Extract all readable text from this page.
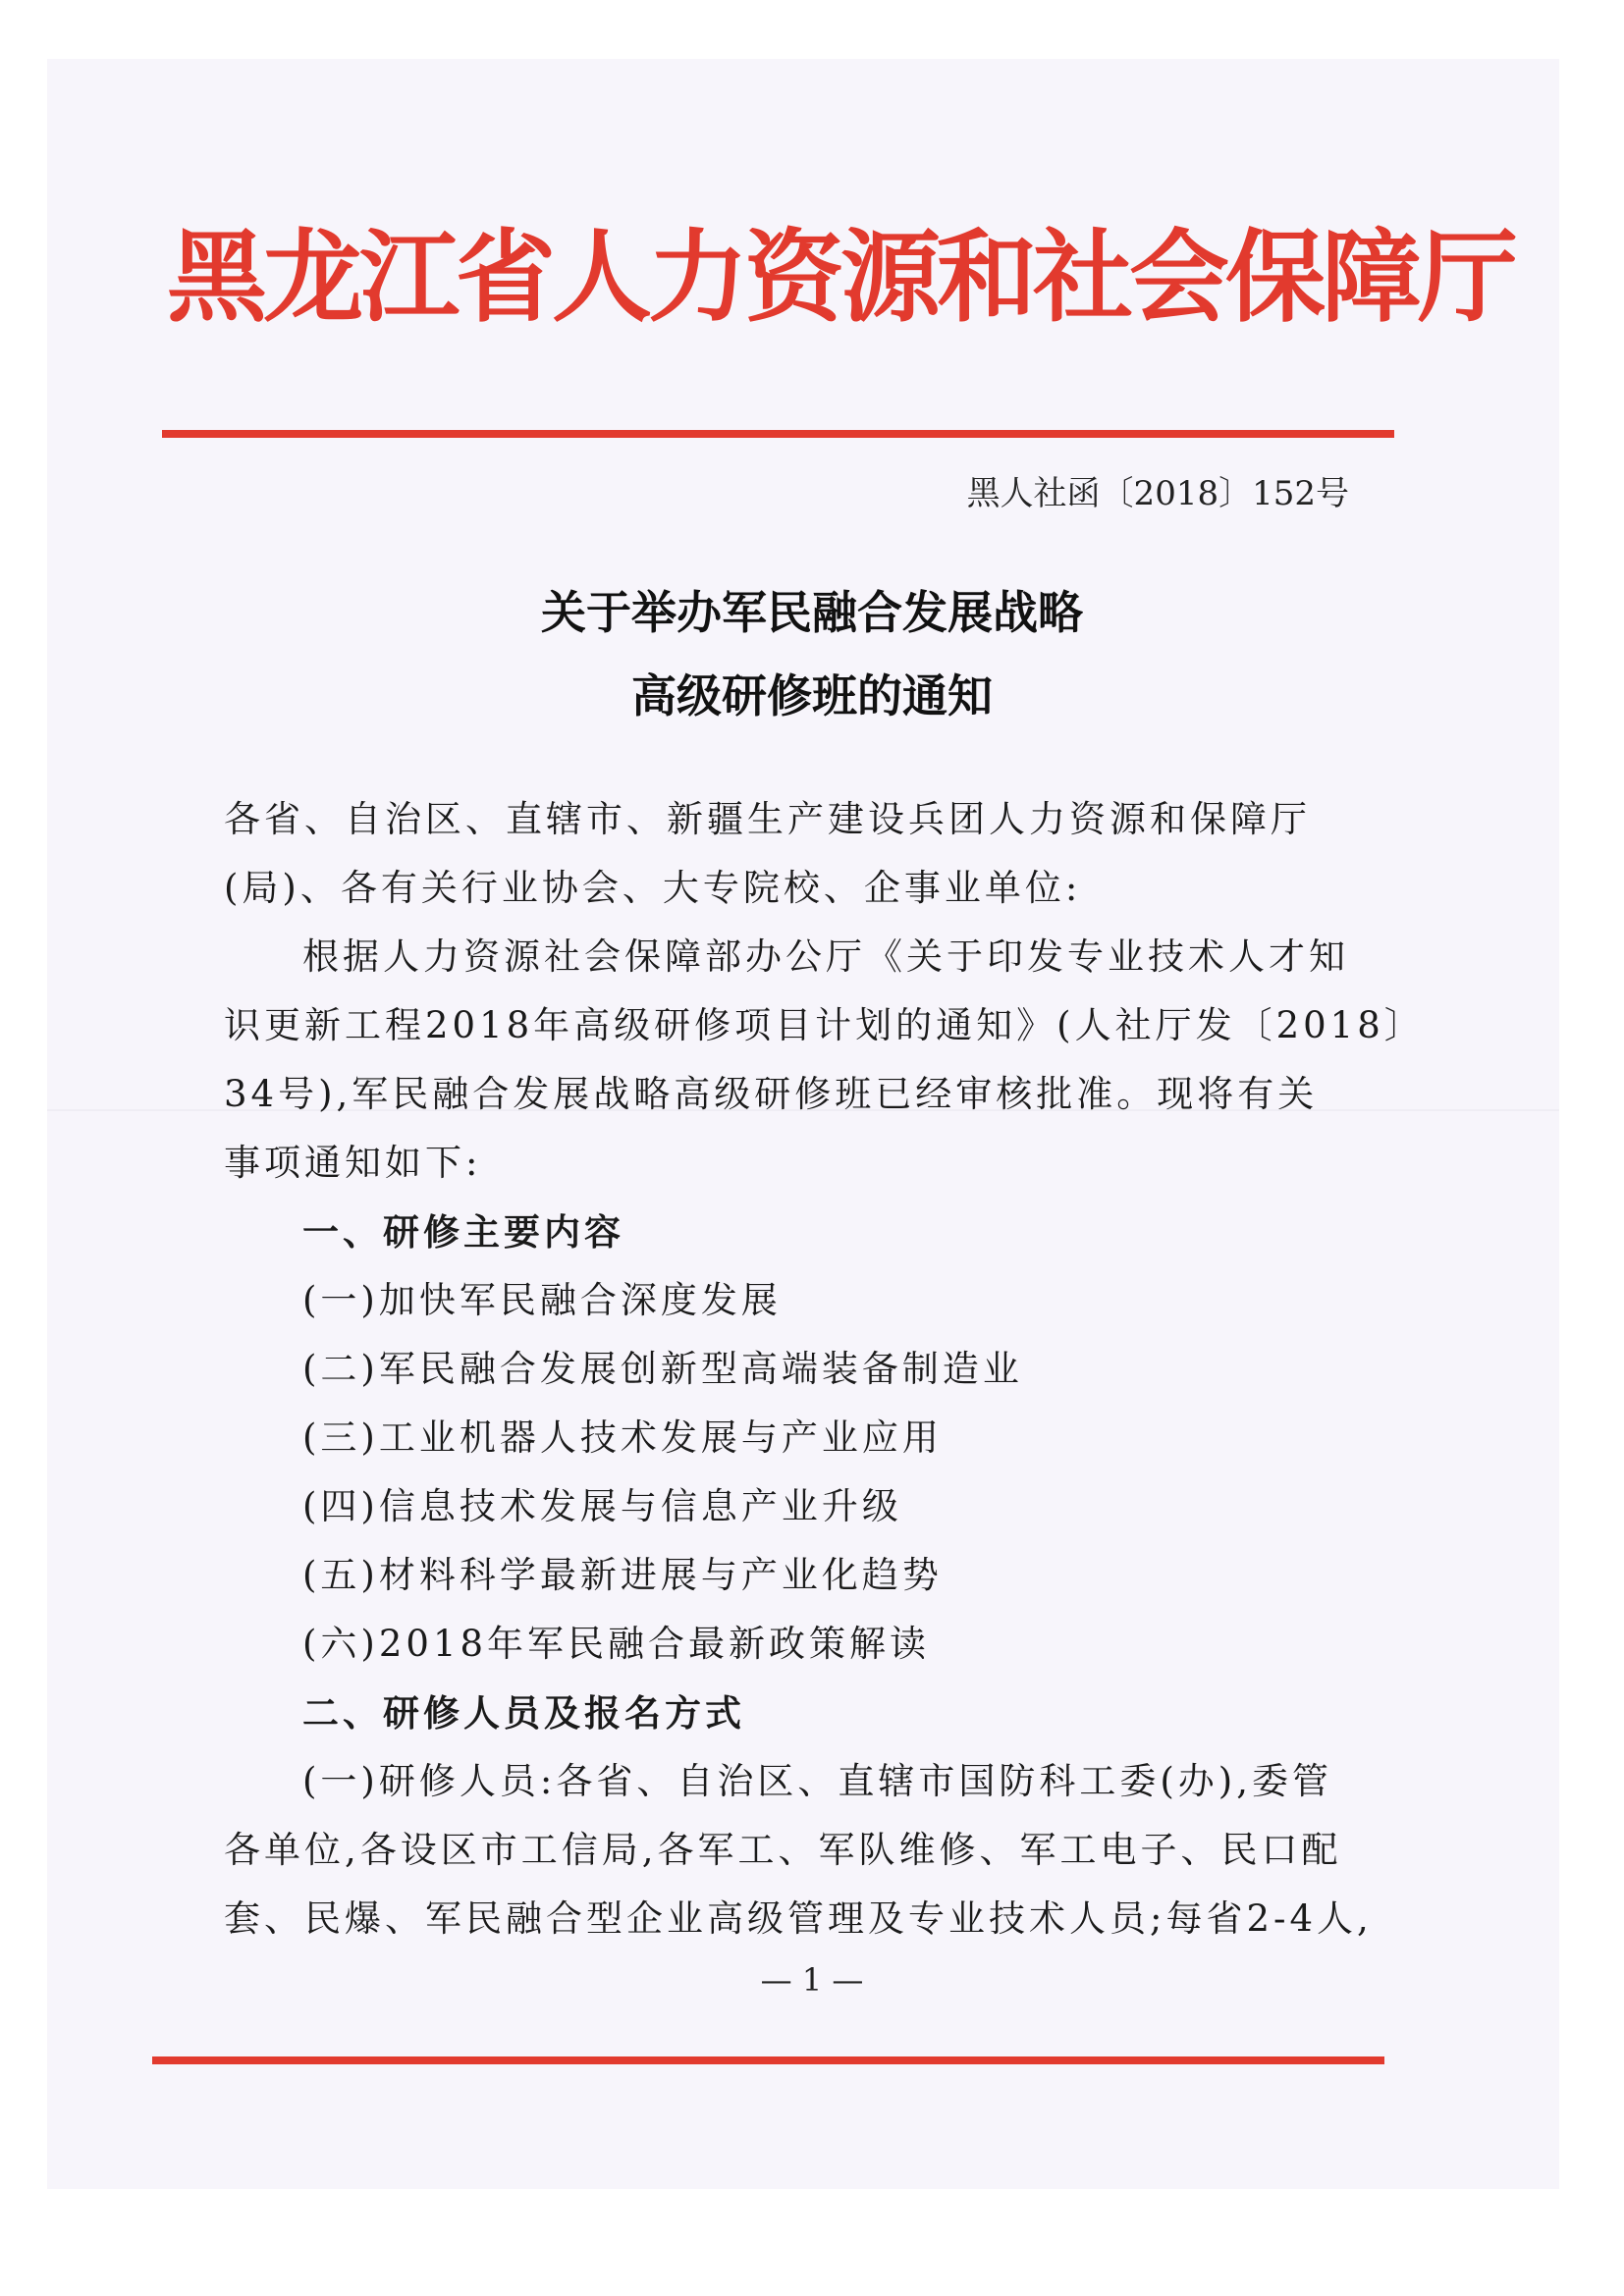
黑龙江省人力资源和社会保障厅
黑人社函〔2018〕152号
关于举办军民融合发展战略
高级研修班的通知
各省、自治区、直辖市、新疆生产建设兵团人力资源和保障厅
(局)、各有关行业协会、大专院校、企事业单位:
根据人力资源社会保障部办公厅《关于印发专业技术人才知
识更新工程2018年高级研修项目计划的通知》(人社厅发〔2018〕
34号),军民融合发展战略高级研修班已经审核批准。现将有关
事项通知如下:
一、研修主要内容
(一)加快军民融合深度发展
(二)军民融合发展创新型高端装备制造业
(三)工业机器人技术发展与产业应用
(四)信息技术发展与信息产业升级
(五)材料科学最新进展与产业化趋势
(六)2018年军民融合最新政策解读
二、研修人员及报名方式
(一)研修人员:各省、自治区、直辖市国防科工委(办),委管
各单位,各设区市工信局,各军工、军队维修、军工电子、民口配
套、民爆、军民融合型企业高级管理及专业技术人员;每省2-4人,
— 1 —
